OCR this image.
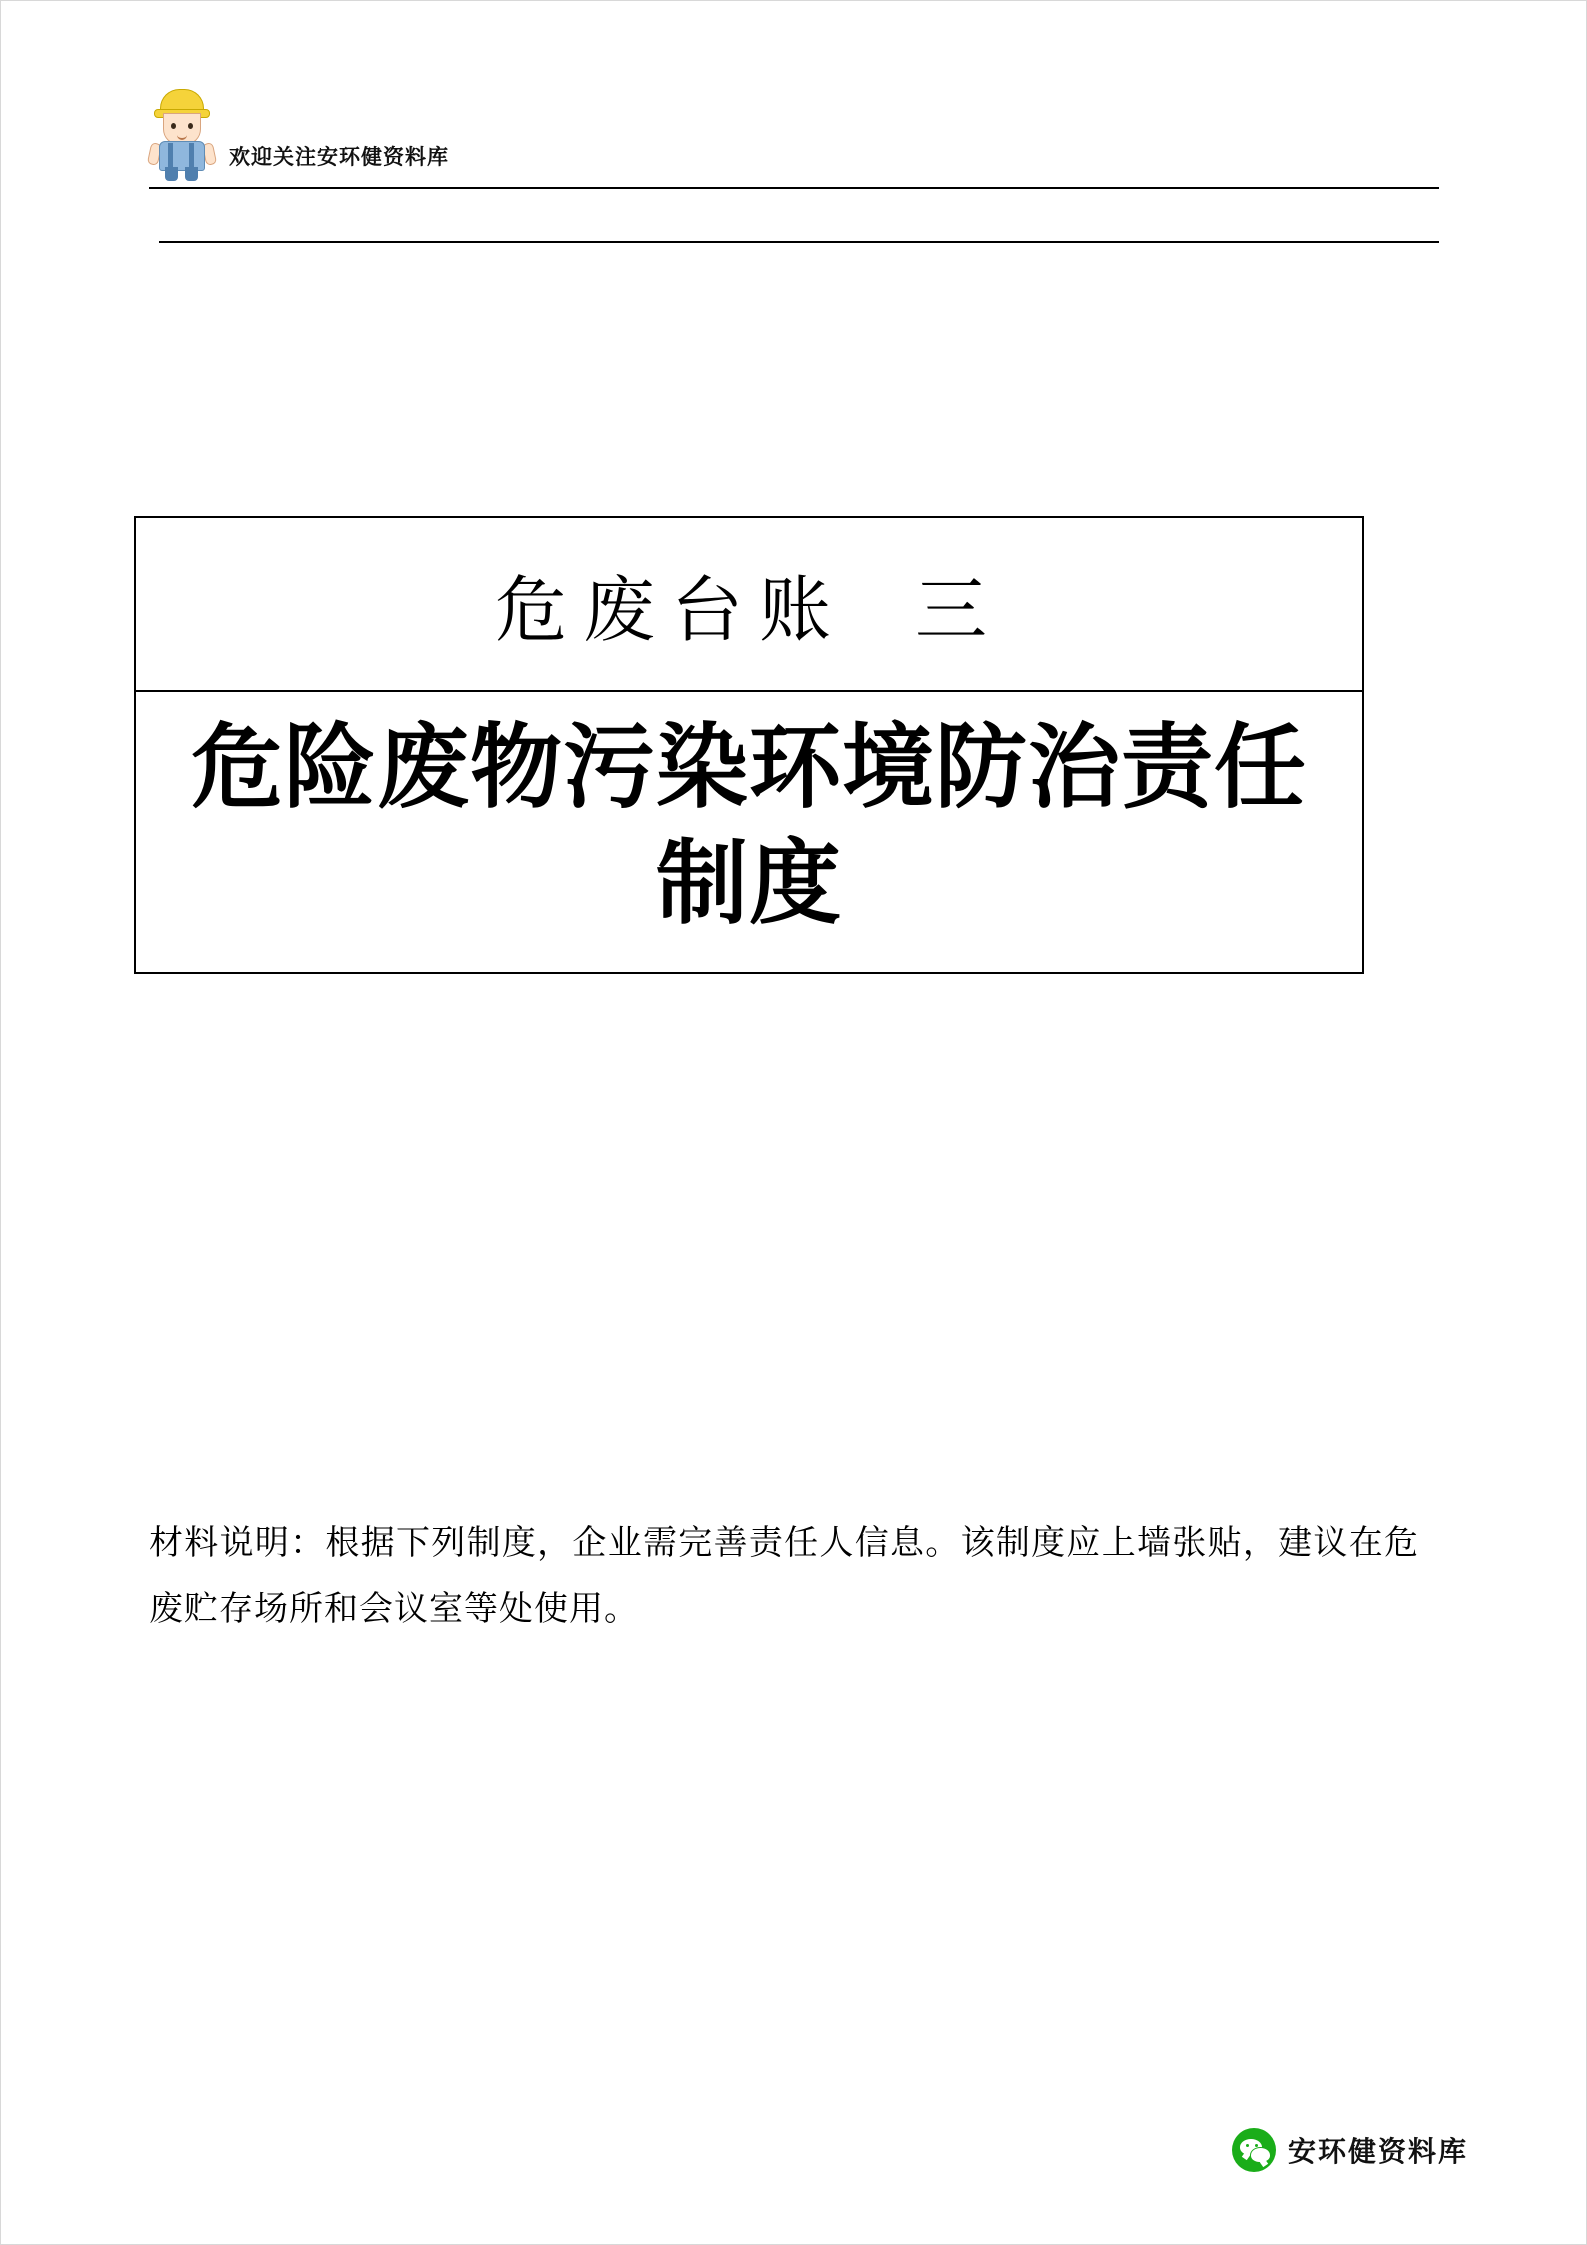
欢迎关注安环健资料库
危废台账  三
危险废物污染环境防治责任制度
材料说明：根据下列制度，企业需完善责任人信息。该制度应上墙张贴，建议在危废贮存场所和会议室等处使用。
安环健资料库
